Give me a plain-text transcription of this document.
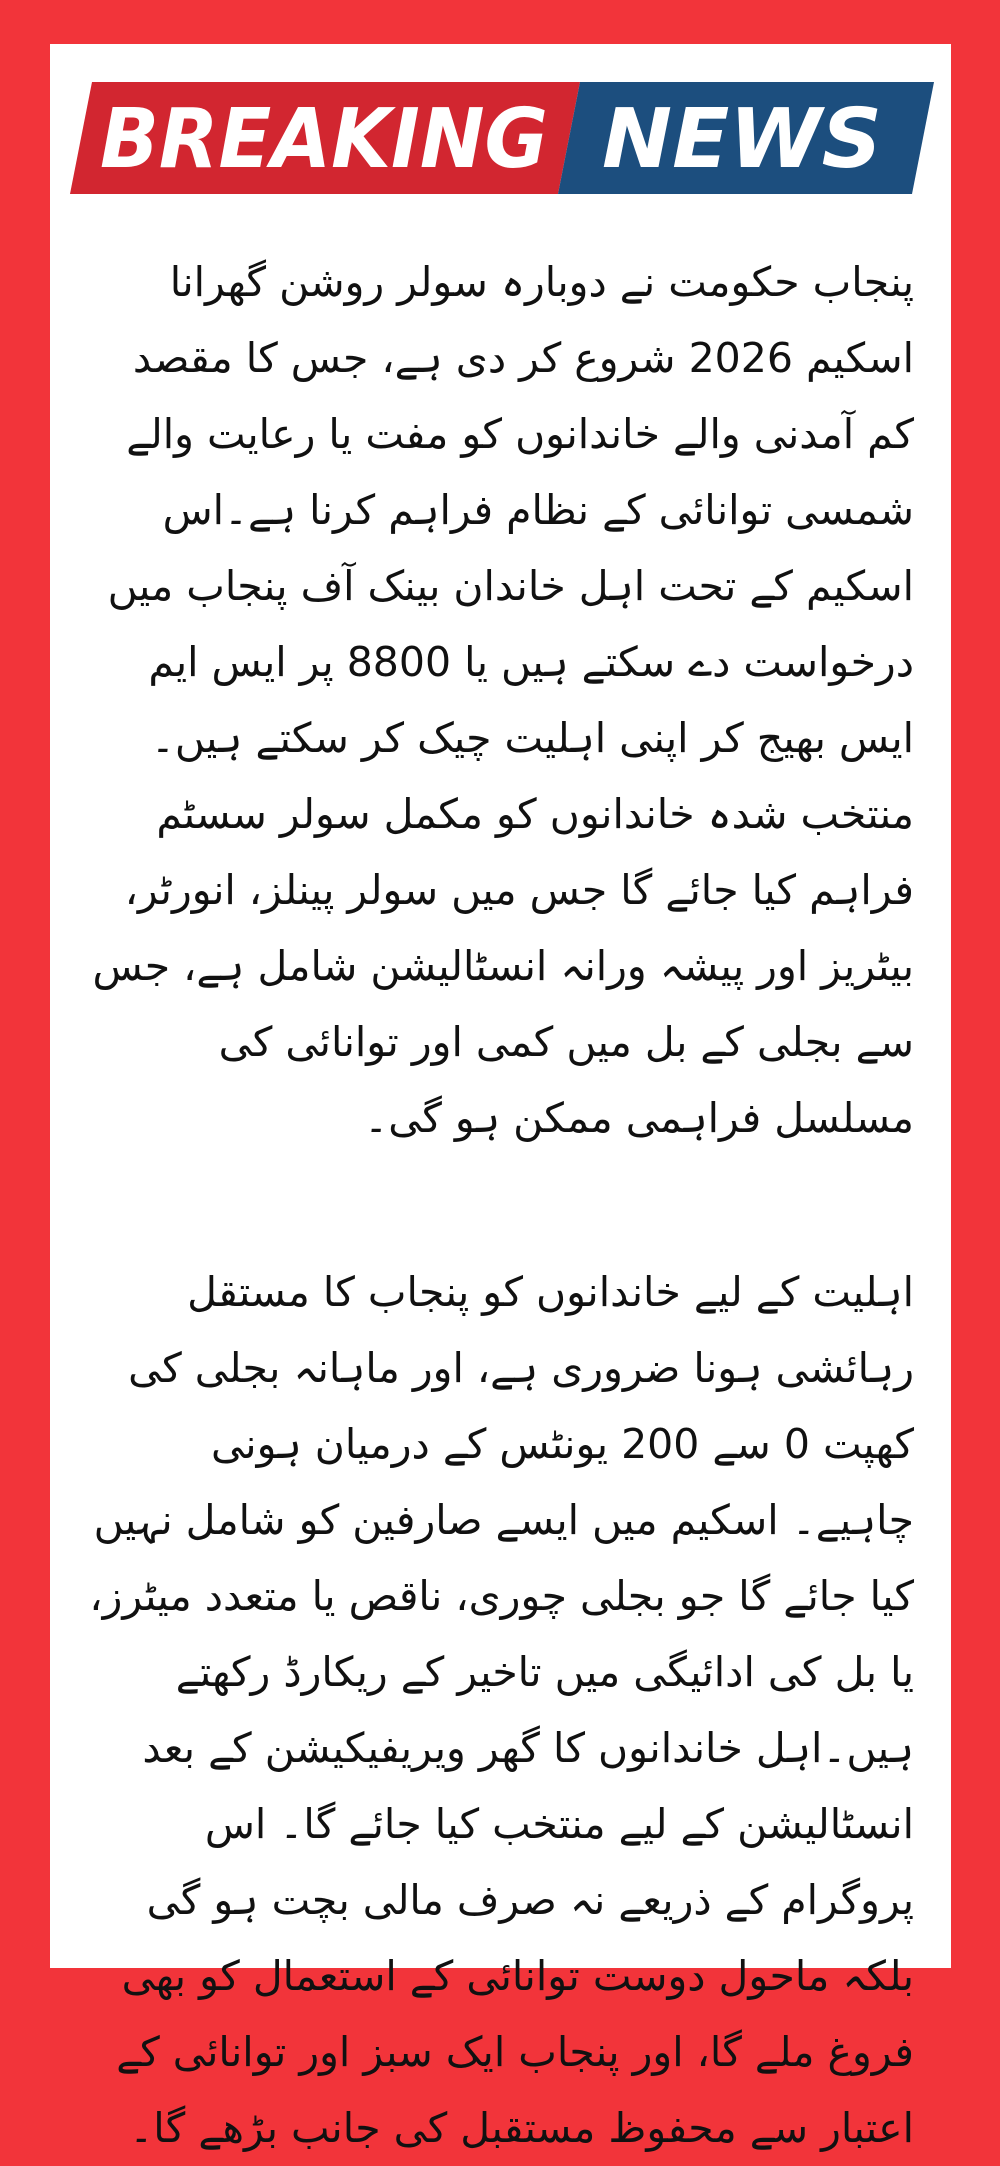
BREAKING NEWS

پنجاب حکومت نے دوبارہ سولر روشن گھرانا اسکیم 2026 شروع کر دی ہے، جس کا مقصد کم آمدنی والے خاندانوں کو مفت یا رعایت والے شمسی توانائی کے نظام فراہم کرنا ہے۔اس اسکیم کے تحت اہل خاندان بینک آف پنجاب میں درخواست دے سکتے ہیں یا 8800 پر ایس ایم ایس بھیج کر اپنی اہلیت چیک کر سکتے ہیں۔ منتخب شدہ خاندانوں کو مکمل سولر سسٹم فراہم کیا جائے گا جس میں سولر پینلز، انورٹر، بیٹریز اور پیشہ ورانہ انسٹالیشن شامل ہے، جس سے بجلی کے بل میں کمی اور توانائی کی مسلسل فراہمی ممکن ہو گی۔

اہلیت کے لیے خاندانوں کو پنجاب کا مستقل رہائشی ہونا ضروری ہے، اور ماہانہ بجلی کی کھپت 0 سے 200 یونٹس کے درمیان ہونی چاہیے۔ اسکیم میں ایسے صارفین کو شامل نہیں کیا جائے گا جو بجلی چوری، ناقص یا متعدد میٹرز، یا بل کی ادائیگی میں تاخیر کے ریکارڈ رکھتے ہیں۔اہل خاندانوں کا گھر ویریفیکیشن کے بعد انسٹالیشن کے لیے منتخب کیا جائے گا۔ اس پروگرام کے ذریعے نہ صرف مالی بچت ہو گی بلکہ ماحول دوست توانائی کے استعمال کو بھی فروغ ملے گا، اور پنجاب ایک سبز اور توانائی کے اعتبار سے محفوظ مستقبل کی جانب بڑھے گا۔
